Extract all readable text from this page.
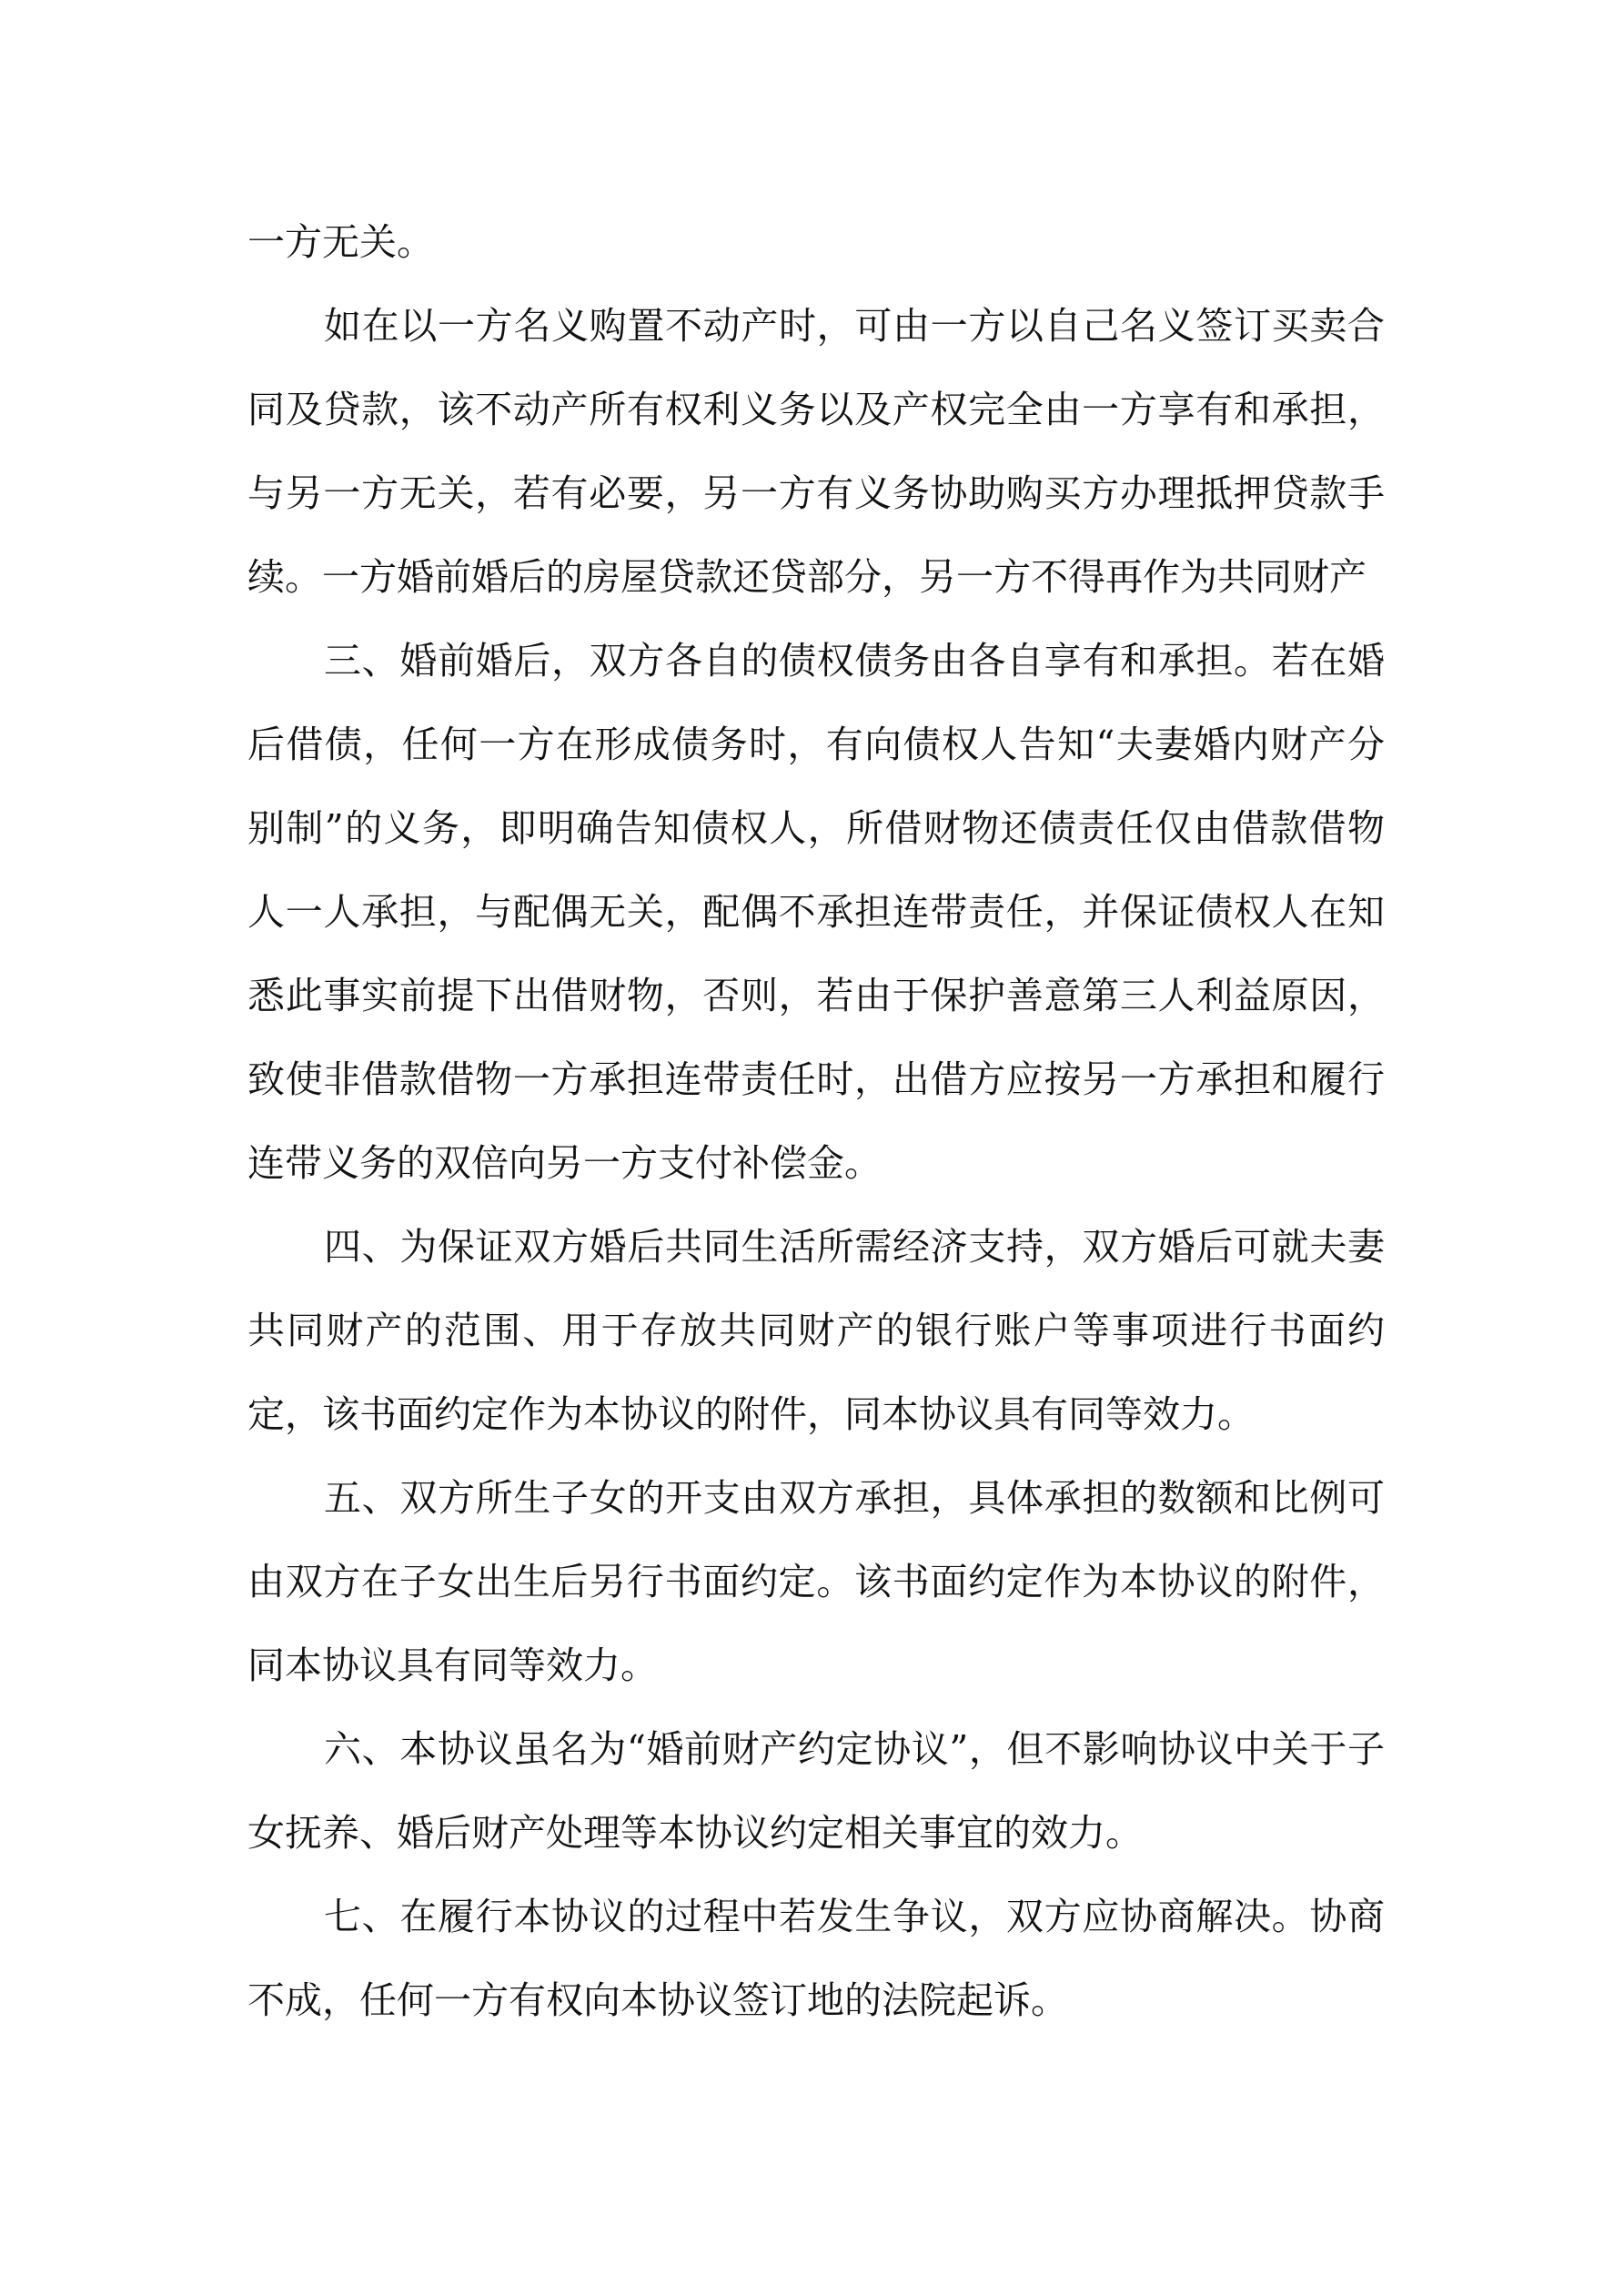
一方无关。

如在以一方名义购置不动产时，可由一方以自己名义签订买卖合同及贷款，该不动产所有权利义务以及产权完全由一方享有和承担，与另一方无关，若有必要，另一方有义务协助购买方办理抵押贷款手续。一方婚前婚后的房屋贷款还贷部分，另一方不得再作为共同财产

三、婚前婚后，双方各自的债权债务由各自享有和承担。若在婚后借债，任何一方在形成债务时，有向债权人告知“夫妻婚内财产分别制”的义务，即明确告知债权人，所借财物还债责任仅由借款借物人一人承担，与配偶无关，配偶不承担连带责任，并保证债权人在知悉此事实前提下出借财物，否则，若由于保护善意第三人利益原因，致使非借款借物一方承担连带责任时，出借方应按另一方承担和履行连带义务的双倍向另一方支付补偿金。

四、为保证双方婚后共同生活所需经济支持，双方婚后可就夫妻共同财产的范围、用于存放共同财产的银行账户等事项进行书面约定，该书面约定作为本协议的附件，同本协议具有同等效力。

五、双方所生子女的开支由双方承担，具体承担的数额和比例可由双方在子女出生后另行书面约定。该书面约定作为本协议的附件，同本协议具有同等效力。

六、本协议虽名为“婚前财产约定协议”，但不影响协议中关于子女抚养、婚后财产处理等本协议约定相关事宜的效力。

七、在履行本协议的过程中若发生争议，双方应协商解决。协商不成，任何一方有权向本协议签订地的法院起诉。
